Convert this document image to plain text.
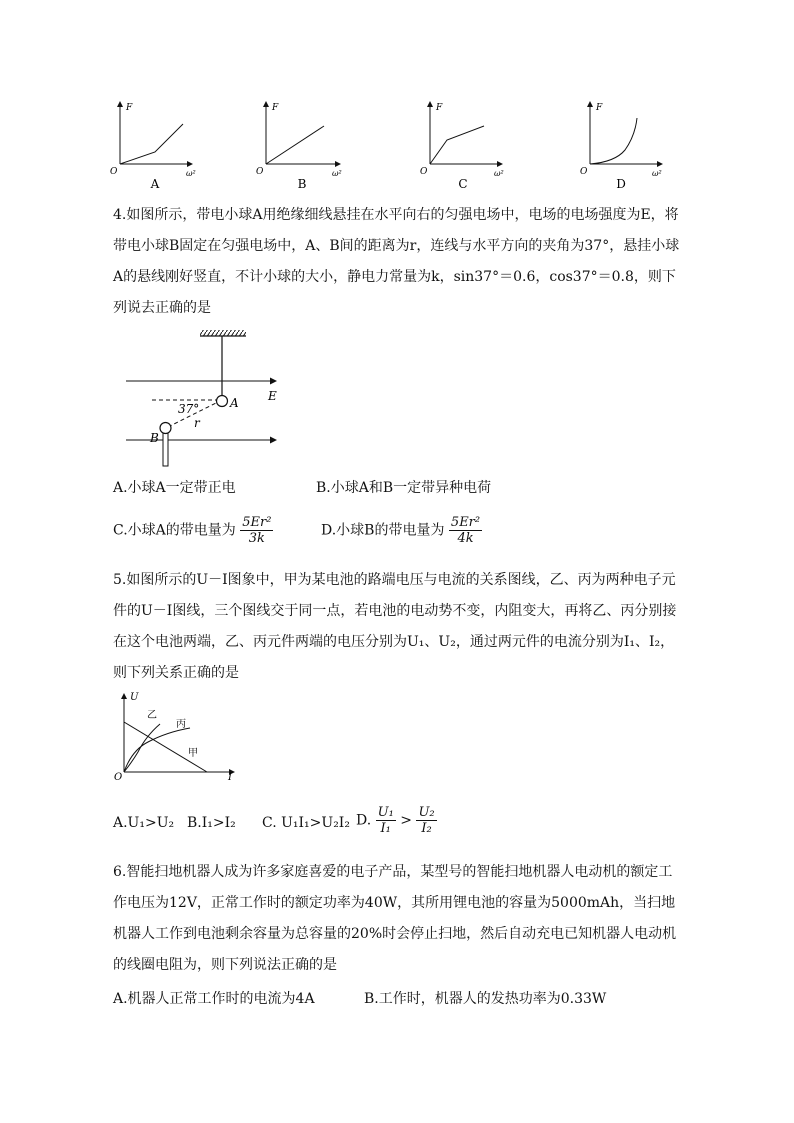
F
O	ω²
A
F
O	ω²
B
F
O	ω²
C
F
O	ω²
D
4.如图所示，带电小球A用绝缘细线悬挂在水平向右的匀强电场中，电场的电场强度为E，将带电小球B固定在匀强电场中，A、B间的距离为r，连线与水平方向的夹角为37°，悬挂小球A的悬线刚好竖直，不计小球的大小，静电力常量为k，sin37°＝0.6，cos37°＝0.8，则下列说去正确的是
37°
r
A
B
E
A.小球A一定带正电	B.小球A和B一定带异种电荷
C.小球A的带电量为 $\frac{\text{5Er²}}{3k}$	D.小球B的带电量为 $\frac{\text{5Er²}}{4k}$
5.如图所示的U－I图象中，甲为某电池的路端电压与电流的关系图线，乙、丙为两种电子元件的U－I图线，三个图线交于同一点，若电池的电动势不变，内阻变大，再将乙、丙分别接在这个电池两端，乙、丙元件两端的电压分别为U₁、U₂，通过两元件的电流分别为I₁、I₂，则下列关系正确的是
U
O	I
乙
丙
甲
A.U₁>U₂ B.I₁>I₂ C. U₁I₁>U₂I₂ D. $\frac{\text{U₁}}{\text{I₁}} > \frac{\text{U₂}}{\text{I₂}}$
6.智能扫地机器人成为许多家庭喜爱的电子产品，某型号的智能扫地机器人电动机的额定工作电压为12V，正常工作时的额定功率为40W，其所用锂电池的容量为5000mAh，当扫地机器人工作到电池剩余容量为总容量的20%时会停止扫地，然后自动充电已知机器人电动机的线圈电阻为，则下列说法正确的是
A.机器人正常工作时的电流为4A	B.工作时，机器人的发热功率为0.33W
